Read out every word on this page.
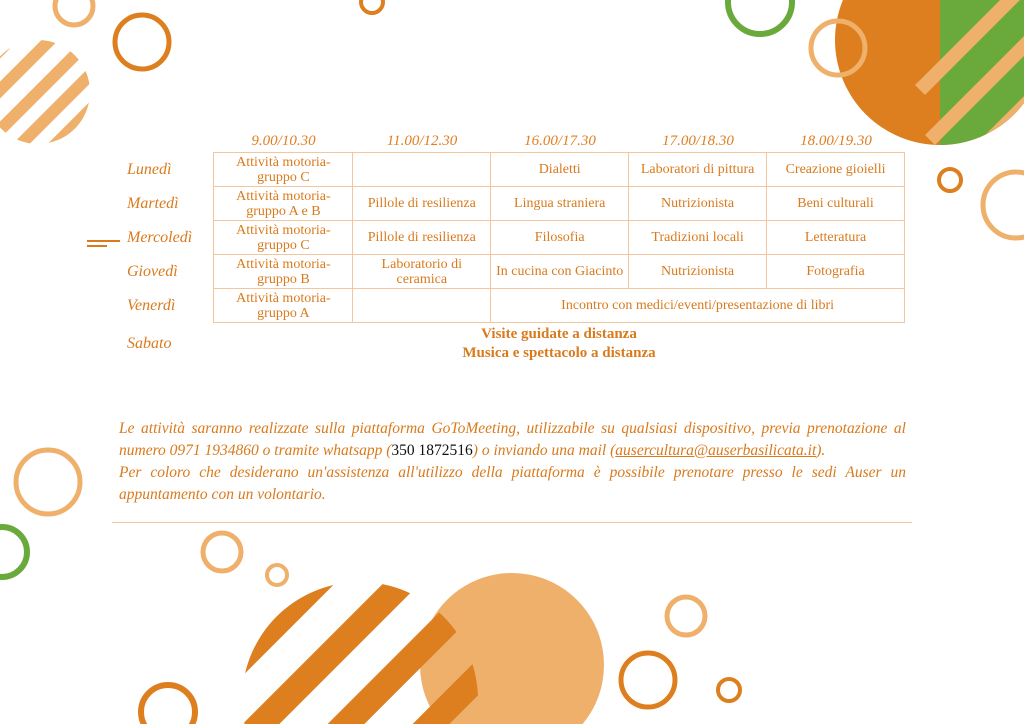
9.00/10.30	11.00/12.30	16.00/17.30	17.00/18.30	18.00/19.30
Lunedì	Attività motoria-gruppo C		Dialetti	Laboratori di pittura	Creazione gioielli
Martedì	Attività motoria-gruppo A e B	Pillole di resilienza	Lingua straniera	Nutrizionista	Beni culturali
Mercoledì	Attività motoria-gruppo C	Pillole di resilienza	Filosofia	Tradizioni locali	Letteratura
Giovedì	Attività motoria-gruppo B	Laboratorio di ceramica	In cucina con Giacinto	Nutrizionista	Fotografia
Venerdì	Attività motoria-gruppo A		Incontro con medici/eventi/presentazione di libri		
Sabato
Visite guidate a distanza
Musica e spettacolo a distanza
Le attività saranno realizzate sulla piattaforma GoToMeeting, utilizzabile su qualsiasi dispositivo, previa prenotazione al numero 0971 1934860 o tramite whatsapp (350 1872516) o inviando una mail (ausercultura@auserbasilicata.it).
Per coloro che desiderano un'assistenza all'utilizzo della piattaforma è possibile prenotare presso le sedi Auser un appuntamento con un volontario.
